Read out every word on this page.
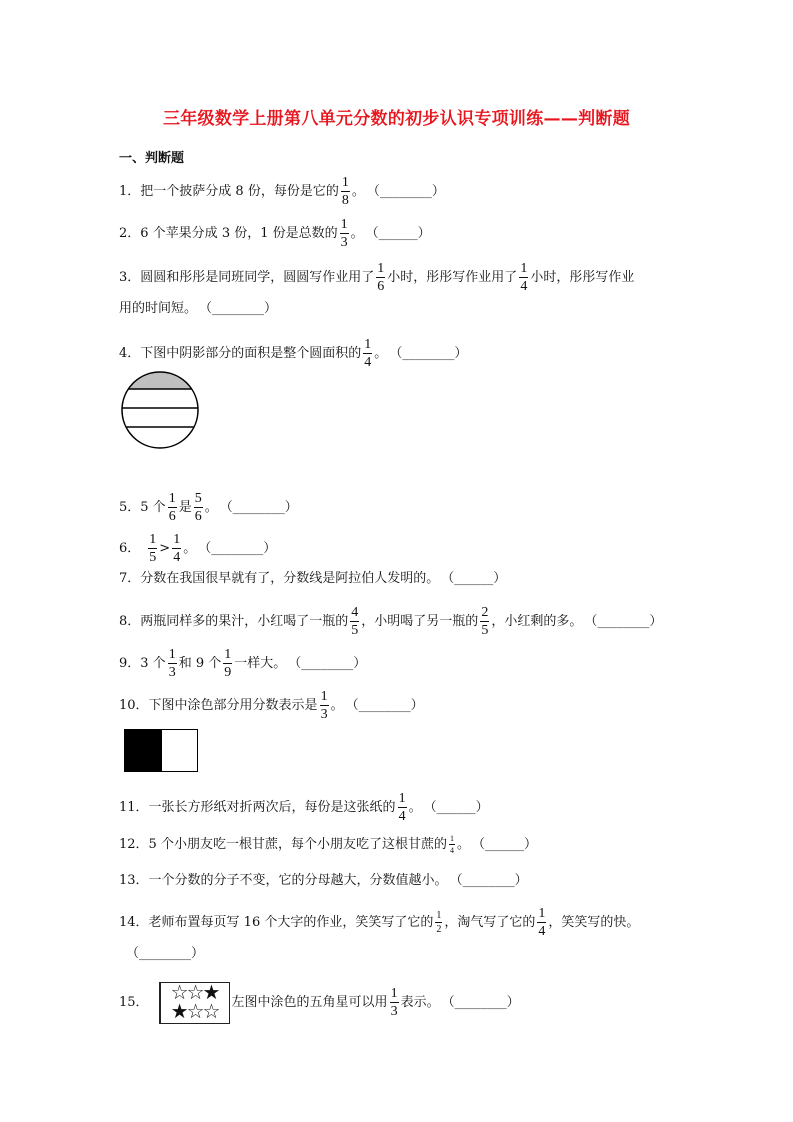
三年级数学上册第八单元分数的初步认识专项训练——判断题
一、判断题
1． 把一个披萨分成 8 份，每份是它的 $\frac{1}{8}$ 。 （________）
2． 6 个苹果分成 3 份，1 份是总数的 $\frac{1}{3}$ 。 （______）
3． 圆圆和彤彤是同班同学，圆圆写作业用了 $\frac{1}{6}$ 小时，彤彤写作业用了 $\frac{1}{4}$ 小时，彤彤写作业
用的时间短。 （________）
4． 下图中阴影部分的面积是整个圆面积的 $\frac{1}{4}$ 。 （________）
5． 5 个 $\frac{1}{6}$ 是 $\frac{5}{6}$ 。 （________）
6． $\frac{1}{5} > \frac{1}{4}$ 。 （________）
7． 分数在我国很早就有了，分数线是阿拉伯人发明的。 （______）
8． 两瓶同样多的果汁，小红喝了一瓶的 $\frac{4}{5}$ ，小明喝了另一瓶的 $\frac{2}{5}$ ，小红剩的多。 （________）
9． 3 个 $\frac{1}{3}$ 和 9 个 $\frac{1}{9}$ 一样大。 （________）
10． 下图中涂色部分用分数表示是 $\frac{1}{3}$ 。 （________）
11． 一张长方形纸对折两次后，每份是这张纸的 $\frac{1}{4}$ 。 （______）
12． 5 个小朋友吃一根甘蔗，每个小朋友吃了这根甘蔗的 $\frac{1}{4}$ 。 （______）
13． 一个分数的分子不变，它的分母越大，分数值越小。 （________）
14． 老师布置每页写 16 个大字的作业，笑笑写了它的 $\frac{1}{2}$ ，淘气写了它的 $\frac{1}{4}$ ，笑笑写的快。
（________）
15．	☆☆★
★☆☆	左图中涂色的五角星可以用 $\frac{1}{3}$ 表示。 （________）
